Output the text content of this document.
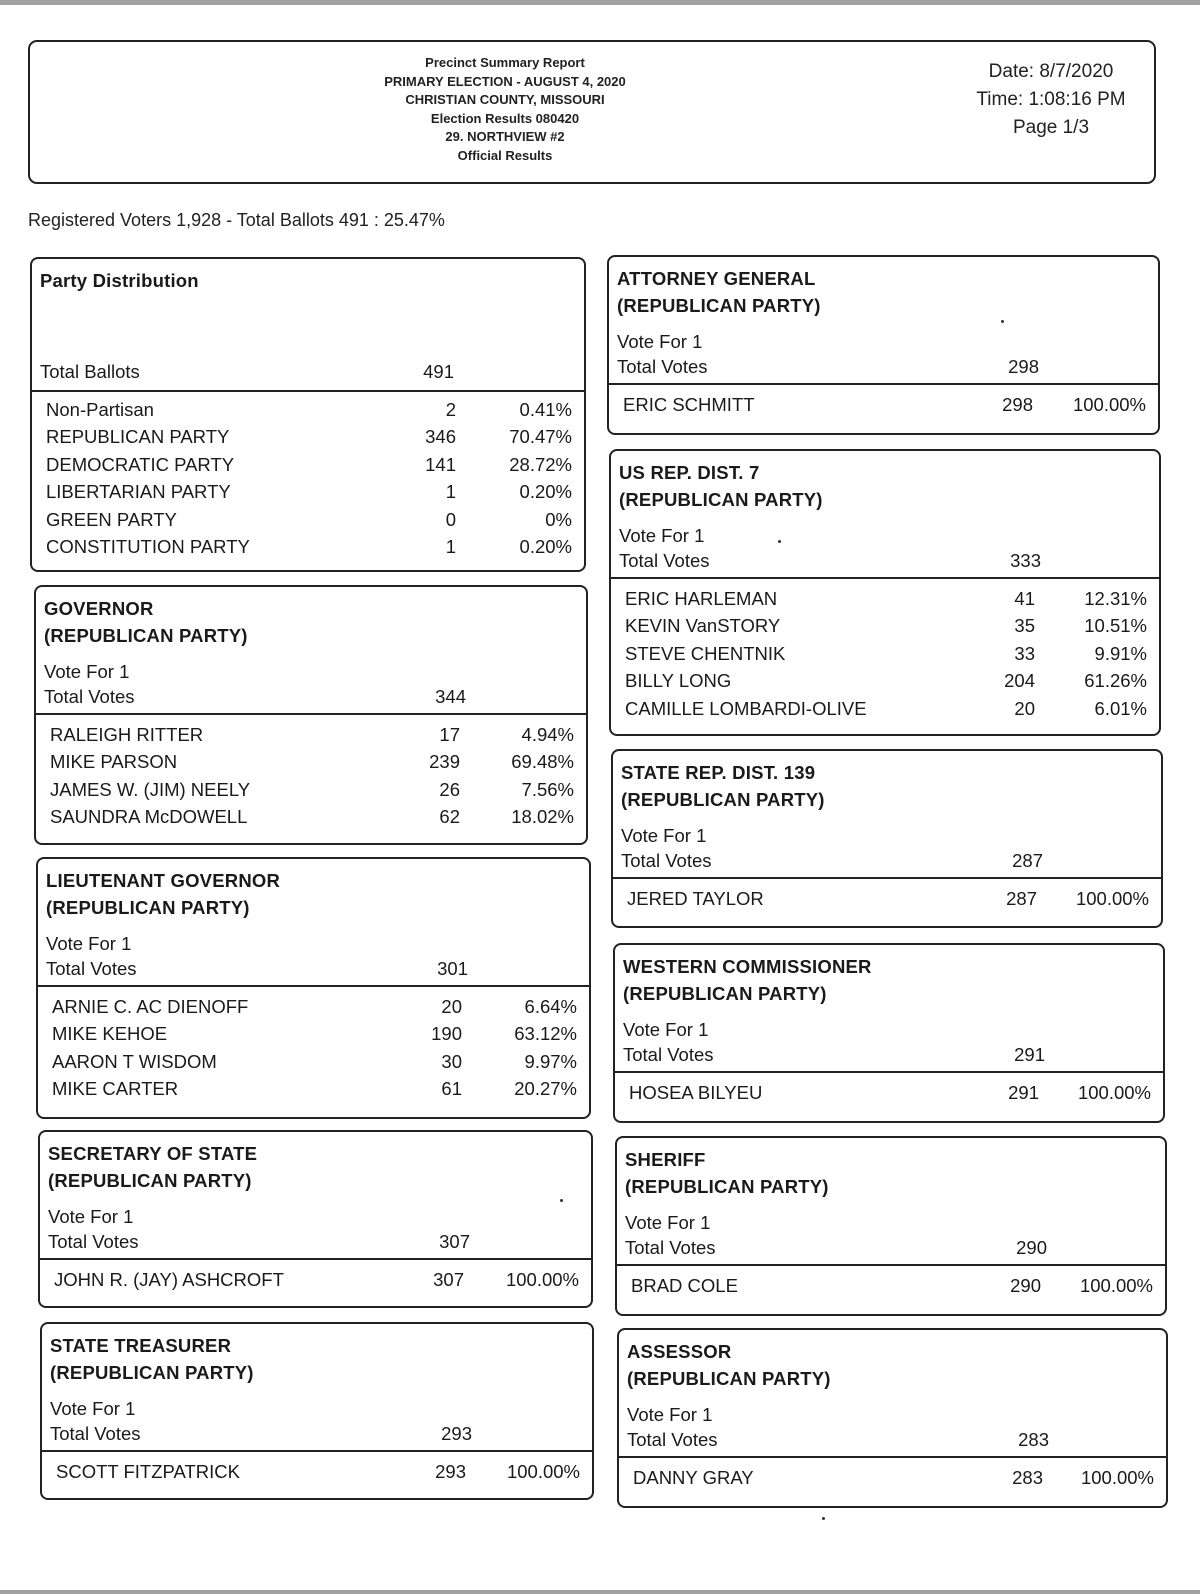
Precinct Summary Report
PRIMARY ELECTION - AUGUST 4, 2020
CHRISTIAN COUNTY, MISSOURI
Election Results 080420
29. NORTHVIEW #2
Official Results
Date: 8/7/2020
Time: 1:08:16 PM
Page 1/3
Registered Voters 1,928 - Total Ballots 491 : 25.47%
Party Distribution
Total Ballots	491
Non-Partisan	2	0.41%
REPUBLICAN PARTY	346	70.47%
DEMOCRATIC PARTY	141	28.72%
LIBERTARIAN PARTY	1	0.20%
GREEN PARTY	0	0%
CONSTITUTION PARTY	1	0.20%
GOVERNOR
(REPUBLICAN PARTY)
Vote For 1
Total Votes	344
RALEIGH RITTER	17	4.94%
MIKE PARSON	239	69.48%
JAMES W. (JIM) NEELY	26	7.56%
SAUNDRA McDOWELL	62	18.02%
LIEUTENANT GOVERNOR
(REPUBLICAN PARTY)
Vote For 1
Total Votes	301
ARNIE C. AC DIENOFF	20	6.64%
MIKE KEHOE	190	63.12%
AARON T WISDOM	30	9.97%
MIKE CARTER	61	20.27%
SECRETARY OF STATE
(REPUBLICAN PARTY)
Vote For 1
Total Votes	307
JOHN R. (JAY) ASHCROFT	307	100.00%
STATE TREASURER
(REPUBLICAN PARTY)
Vote For 1
Total Votes	293
SCOTT FITZPATRICK	293	100.00%
ATTORNEY GENERAL
(REPUBLICAN PARTY)
Vote For 1
Total Votes	298
ERIC SCHMITT	298	100.00%
US REP. DIST. 7
(REPUBLICAN PARTY)
Vote For 1
Total Votes	333
ERIC HARLEMAN	41	12.31%
KEVIN VanSTORY	35	10.51%
STEVE CHENTNIK	33	9.91%
BILLY LONG	204	61.26%
CAMILLE LOMBARDI-OLIVE	20	6.01%
STATE REP. DIST. 139
(REPUBLICAN PARTY)
Vote For 1
Total Votes	287
JERED TAYLOR	287	100.00%
WESTERN COMMISSIONER
(REPUBLICAN PARTY)
Vote For 1
Total Votes	291
HOSEA BILYEU	291	100.00%
SHERIFF
(REPUBLICAN PARTY)
Vote For 1
Total Votes	290
BRAD COLE	290	100.00%
ASSESSOR
(REPUBLICAN PARTY)
Vote For 1
Total Votes	283
DANNY GRAY	283	100.00%
